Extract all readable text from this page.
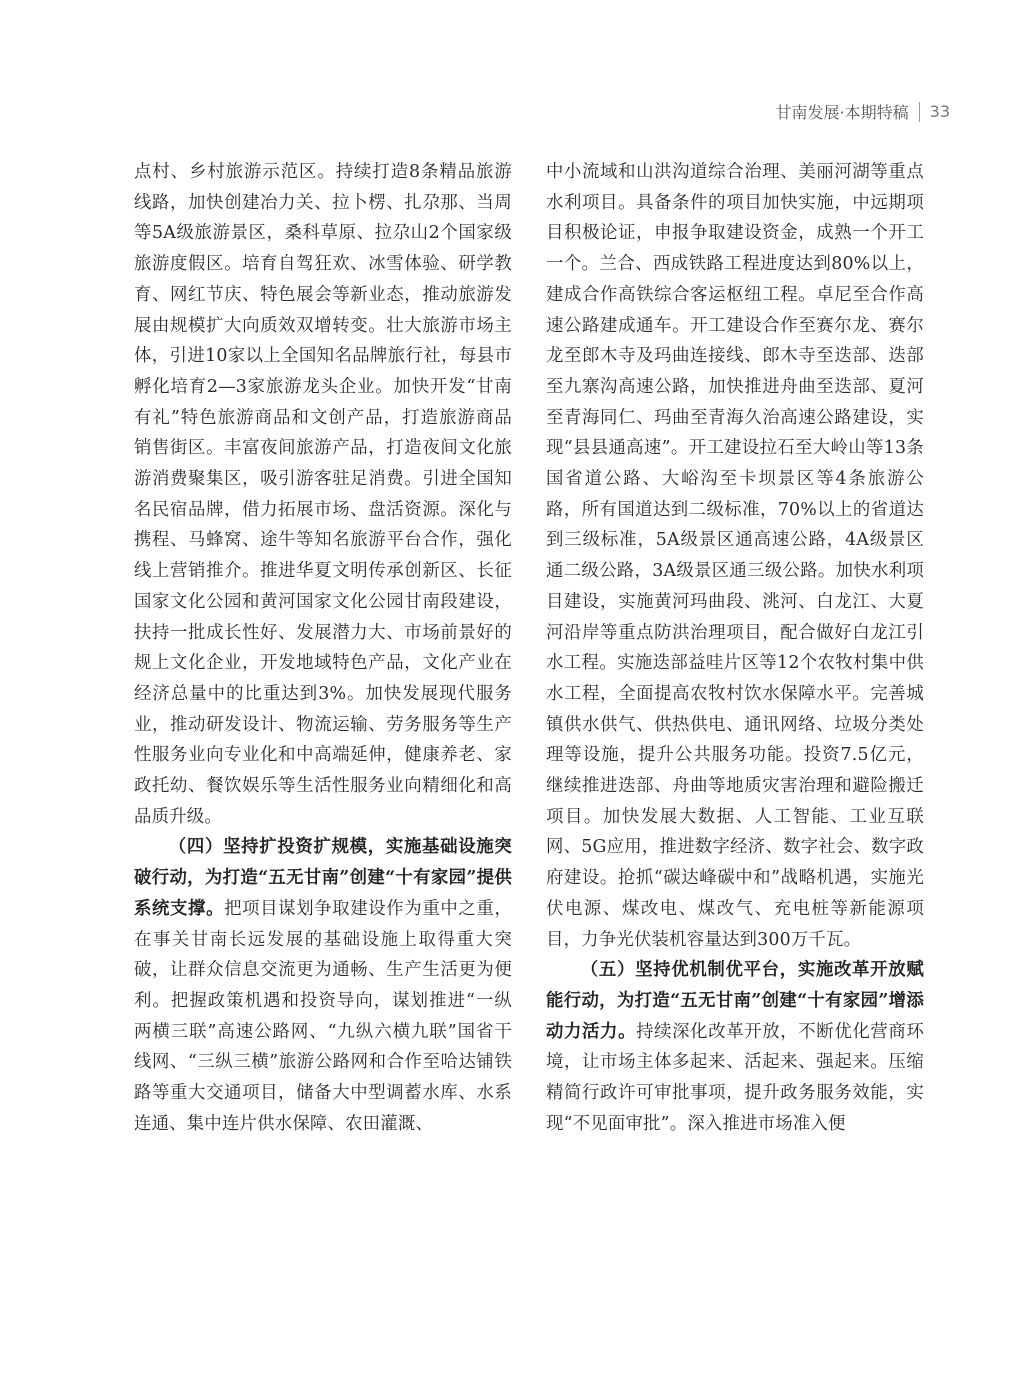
甘南发展·本期特稿 33

点村、乡村旅游示范区。持续打造8条精品旅游线路，加快创建冶力关、拉卜楞、扎尕那、当周等5A级旅游景区，桑科草原、拉尕山2个国家级旅游度假区。培育自驾狂欢、冰雪体验、研学教育、网红节庆、特色展会等新业态，推动旅游发展由规模扩大向质效双增转变。壮大旅游市场主体，引进10家以上全国知名品牌旅行社，每县市孵化培育2—3家旅游龙头企业。加快开发“甘南有礼”特色旅游商品和文创产品，打造旅游商品销售街区。丰富夜间旅游产品，打造夜间文化旅游消费聚集区，吸引游客驻足消费。引进全国知名民宿品牌，借力拓展市场、盘活资源。深化与携程、马蜂窝、途牛等知名旅游平台合作，强化线上营销推介。推进华夏文明传承创新区、长征国家文化公园和黄河国家文化公园甘南段建设，扶持一批成长性好、发展潜力大、市场前景好的规上文化企业，开发地域特色产品，文化产业在经济总量中的比重达到3%。加快发展现代服务业，推动研发设计、物流运输、劳务服务等生产性服务业向专业化和中高端延伸，健康养老、家政托幼、餐饮娱乐等生活性服务业向精细化和高品质升级。

（四）坚持扩投资扩规模，实施基础设施突破行动，为打造“五无甘南”创建“十有家园”提供系统支撑。把项目谋划争取建设作为重中之重，在事关甘南长远发展的基础设施上取得重大突破，让群众信息交流更为通畅、生产生活更为便利。把握政策机遇和投资导向，谋划推进“一纵两横三联”高速公路网、“九纵六横九联”国省干线网、“三纵三横”旅游公路网和合作至哈达铺铁路等重大交通项目，储备大中型调蓄水库、水系连通、集中连片供水保障、农田灌溉、

中小流域和山洪沟道综合治理、美丽河湖等重点水利项目。具备条件的项目加快实施，中远期项目积极论证，申报争取建设资金，成熟一个开工一个。兰合、西成铁路工程进度达到80%以上，建成合作高铁综合客运枢纽工程。卓尼至合作高速公路建成通车。开工建设合作至赛尔龙、赛尔龙至郎木寺及玛曲连接线、郎木寺至迭部、迭部至九寨沟高速公路，加快推进舟曲至迭部、夏河至青海同仁、玛曲至青海久治高速公路建设，实现“县县通高速”。开工建设拉石至大岭山等13条国省道公路、大峪沟至卡坝景区等4条旅游公路，所有国道达到二级标准，70%以上的省道达到三级标准，5A级景区通高速公路，4A级景区通二级公路，3A级景区通三级公路。加快水利项目建设，实施黄河玛曲段、洮河、白龙江、大夏河沿岸等重点防洪治理项目，配合做好白龙江引水工程。实施迭部益哇片区等12个农牧村集中供水工程，全面提高农牧村饮水保障水平。完善城镇供水供气、供热供电、通讯网络、垃圾分类处理等设施，提升公共服务功能。投资7.5亿元，继续推进迭部、舟曲等地质灾害治理和避险搬迁项目。加快发展大数据、人工智能、工业互联网、5G应用，推进数字经济、数字社会、数字政府建设。抢抓“碳达峰碳中和”战略机遇，实施光伏电源、煤改电、煤改气、充电桩等新能源项目，力争光伏装机容量达到300万千瓦。

（五）坚持优机制优平台，实施改革开放赋能行动，为打造“五无甘南”创建“十有家园”增添动力活力。持续深化改革开放，不断优化营商环境，让市场主体多起来、活起来、强起来。压缩精简行政许可审批事项，提升政务服务效能，实现“不见面审批”。深入推进市场准入便
